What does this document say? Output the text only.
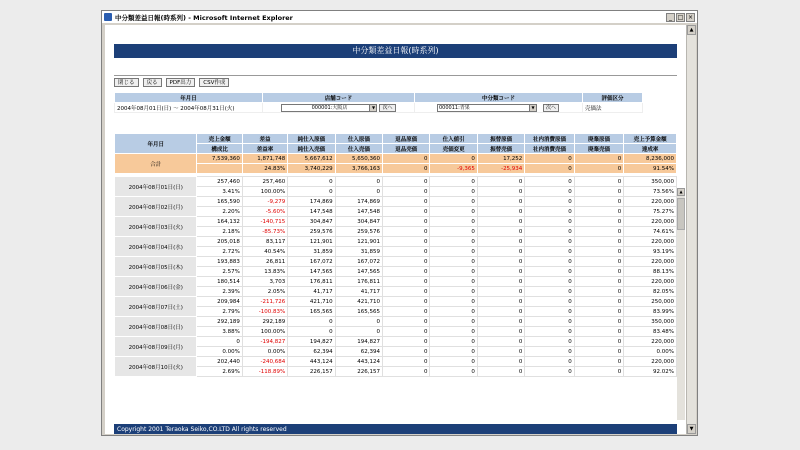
中分類差益日報(時系列) - Microsoft Internet Explorer	_ □ ×
中分類差益日報(時系列)
閉じる	戻る	PDF出力	CSV作成
年月日	店舗コード	中分類コード	評価区分
2004年08月01日(日) ～ 2004年08月31日(火)	000001:大阪店 ▼ 次へ	000011:青果 ▼ 次へ	売価法
年月日	売上金額	差益	純仕入原価	仕入原価	返品原価	仕入値引	振替原価	社内消費原価	廃棄原価	売上予算金額
	構成比	差益率	純仕入売価	仕入売価	返品売価	売価変更	振替売価	社内消費売価	廃棄売価	達成率
合計	7,539,360	1,871,748	5,667,612	5,650,360	0	0	17,252	0	0	8,236,000
		24.83%	3,740,229	3,766,163	0	-9,365	-25,934	0	0	91.54%

2004年08月01日(日)	257,460	257,460	0	0	0	0	0	0	0	350,000
	3.41%	100.00%	0	0	0	0	0	0	0	73.56%
2004年08月02日(月)	165,590	-9,279	174,869	174,869	0	0	0	0	0	220,000
	2.20%	-5.60%	147,548	147,548	0	0	0	0	0	75.27%
2004年08月03日(火)	164,132	-140,715	304,847	304,847	0	0	0	0	0	220,000
	2.18%	-85.73%	259,576	259,576	0	0	0	0	0	74.61%
2004年08月04日(水)	205,018	83,117	121,901	121,901	0	0	0	0	0	220,000
	2.72%	40.54%	31,859	31,859	0	0	0	0	0	93.19%
2004年08月05日(木)	193,883	26,811	167,072	167,072	0	0	0	0	0	220,000
	2.57%	13.83%	147,565	147,565	0	0	0	0	0	88.13%
2004年08月06日(金)	180,514	3,703	176,811	176,811	0	0	0	0	0	220,000
	2.39%	2.05%	41,717	41,717	0	0	0	0	0	82.05%
2004年08月07日(土)	209,984	-211,726	421,710	421,710	0	0	0	0	0	250,000
	2.79%	-100.83%	165,565	165,565	0	0	0	0	0	83.99%
2004年08月08日(日)	292,189	292,189	0	0	0	0	0	0	0	350,000
	3.88%	100.00%	0	0	0	0	0	0	0	83.48%
2004年08月09日(月)	0	-194,827	194,827	194,827	0	0	0	0	0	220,000
	0.00%	0.00%	62,394	62,394	0	0	0	0	0	0.00%
2004年08月10日(火)	202,440	-240,684	443,124	443,124	0	0	0	0	0	220,000
	2.69%	-118.89%	226,157	226,157	0	0	0	0	0	92.02%
▲
Copyright 2001 Teraoka Seiko,CO.LTD All rights reserved
▲
▼
